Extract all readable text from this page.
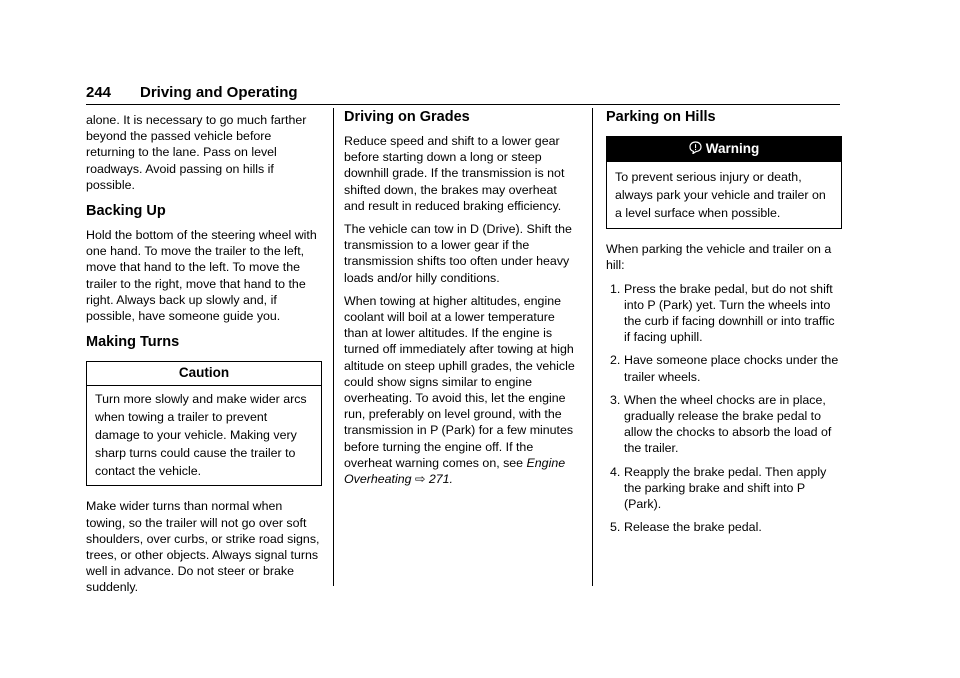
244 Driving and Operating

alone. It is necessary to go much farther beyond the passed vehicle before returning to the lane. Pass on level roadways. Avoid passing on hills if possible.

Backing Up

Hold the bottom of the steering wheel with one hand. To move the trailer to the left, move that hand to the left. To move the trailer to the right, move that hand to the right. Always back up slowly and, if possible, have someone guide you.

Making Turns
Caution
Turn more slowly and make wider arcs when towing a trailer to prevent damage to your vehicle. Making very sharp turns could cause the trailer to contact the vehicle.

Make wider turns than normal when towing, so the trailer will not go over soft shoulders, over curbs, or strike road signs, trees, or other objects. Always signal turns well in advance. Do not steer or brake suddenly.

Driving on Grades

Reduce speed and shift to a lower gear before starting down a long or steep downhill grade. If the transmission is not shifted down, the brakes may overheat and result in reduced braking efficiency.

The vehicle can tow in D (Drive). Shift the transmission to a lower gear if the transmission shifts too often under heavy loads and/or hilly conditions.

When towing at higher altitudes, engine coolant will boil at a lower temperature than at lower altitudes. If the engine is turned off immediately after towing at high altitude on steep uphill grades, the vehicle could show signs similar to engine overheating. To avoid this, let the engine run, preferably on level ground, with the transmission in P (Park) for a few minutes before turning the engine off. If the overheat warning comes on, see Engine Overheating ⇨ 271.

Parking on Hills
Warning
To prevent serious injury or death, always park your vehicle and trailer on a level surface when possible.

When parking the vehicle and trailer on a hill:

1. Press the brake pedal, but do not shift into P (Park) yet. Turn the wheels into the curb if facing downhill or into traffic if facing uphill.
2. Have someone place chocks under the trailer wheels.
3. When the wheel chocks are in place, gradually release the brake pedal to allow the chocks to absorb the load of the trailer.
4. Reapply the brake pedal. Then apply the parking brake and shift into P (Park).
5. Release the brake pedal.
